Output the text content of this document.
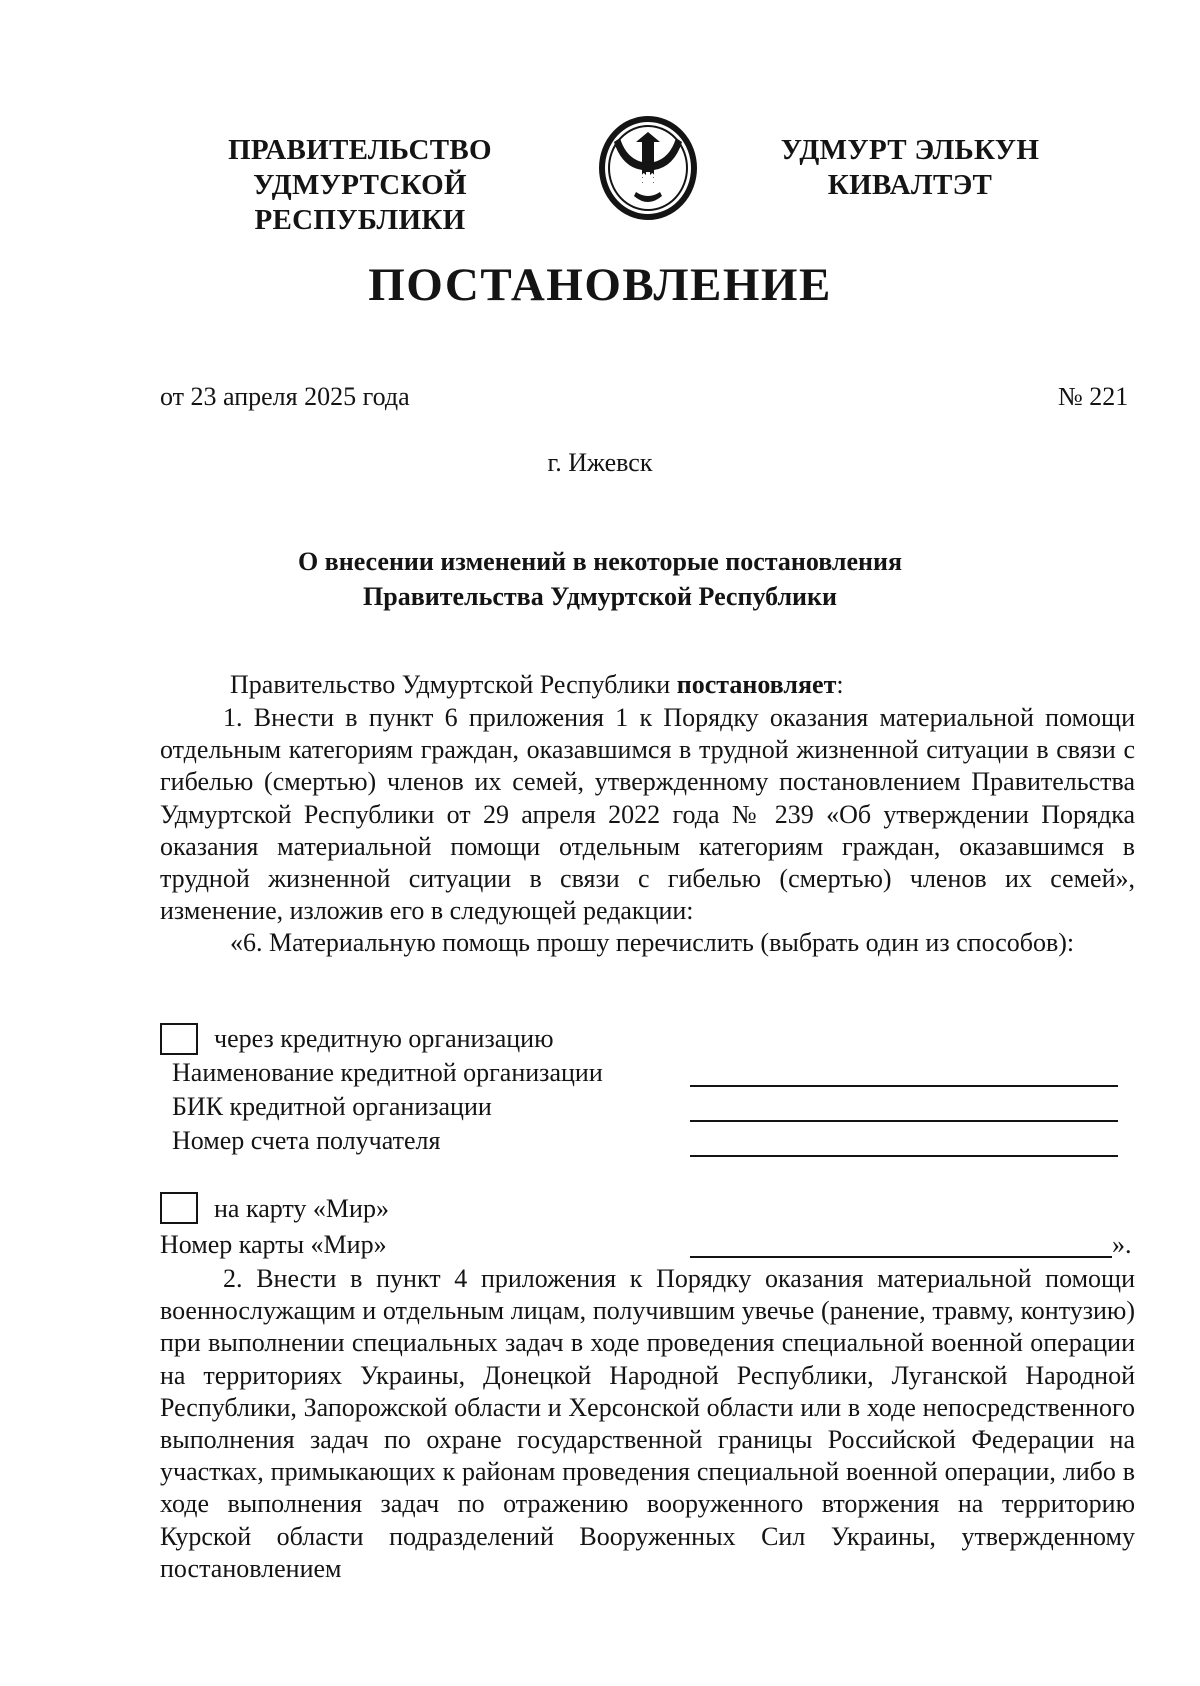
ПРАВИТЕЛЬСТВО
УДМУРТСКОЙ РЕСПУБЛИКИ
УДМУРТ ЭЛЬКУН
КИВАЛТЭТ
ПОСТАНОВЛЕНИЕ
от 23 апреля 2025 года	№ 221
г. Ижевск
О внесении изменений в некоторые постановления
Правительства Удмуртской Республики
Правительство Удмуртской Республики постановляет:

1. Внести в пункт 6 приложения 1 к Порядку оказания материальной помощи отдельным категориям граждан, оказавшимся в трудной жизненной ситуации в связи с гибелью (смертью) членов их семей, утвержденному постановлением Правительства Удмуртской Республики от 29 апреля 2022 года № 239 «Об утверждении Порядка оказания материальной помощи отдельным категориям граждан, оказавшимся в трудной жизненной ситуации в связи с гибелью (смертью) членов их семей», изменение, изложив его в следующей редакции:

«6. Материальную помощь прошу перечислить (выбрать один из способов):

через кредитную организацию
Наименование кредитной организации
БИК кредитной организации
Номер счета получателя
на карту «Мир»
Номер карты «Мир»	».

2. Внести в пункт 4 приложения к Порядку оказания материальной помощи военнослужащим и отдельным лицам, получившим увечье (ранение, травму, контузию) при выполнении специальных задач в ходе проведения специальной военной операции на территориях Украины, Донецкой Народной Республики, Луганской Народной Республики, Запорожской области и Херсонской области или в ходе непосредственного выполнения задач по охране государственной границы Российской Федерации на участках, примыкающих к районам проведения специальной военной операции, либо в ходе выполнения задач по отражению вооруженного вторжения на территорию Курской области подразделений Вооруженных Сил Украины, утвержденному постановлением
